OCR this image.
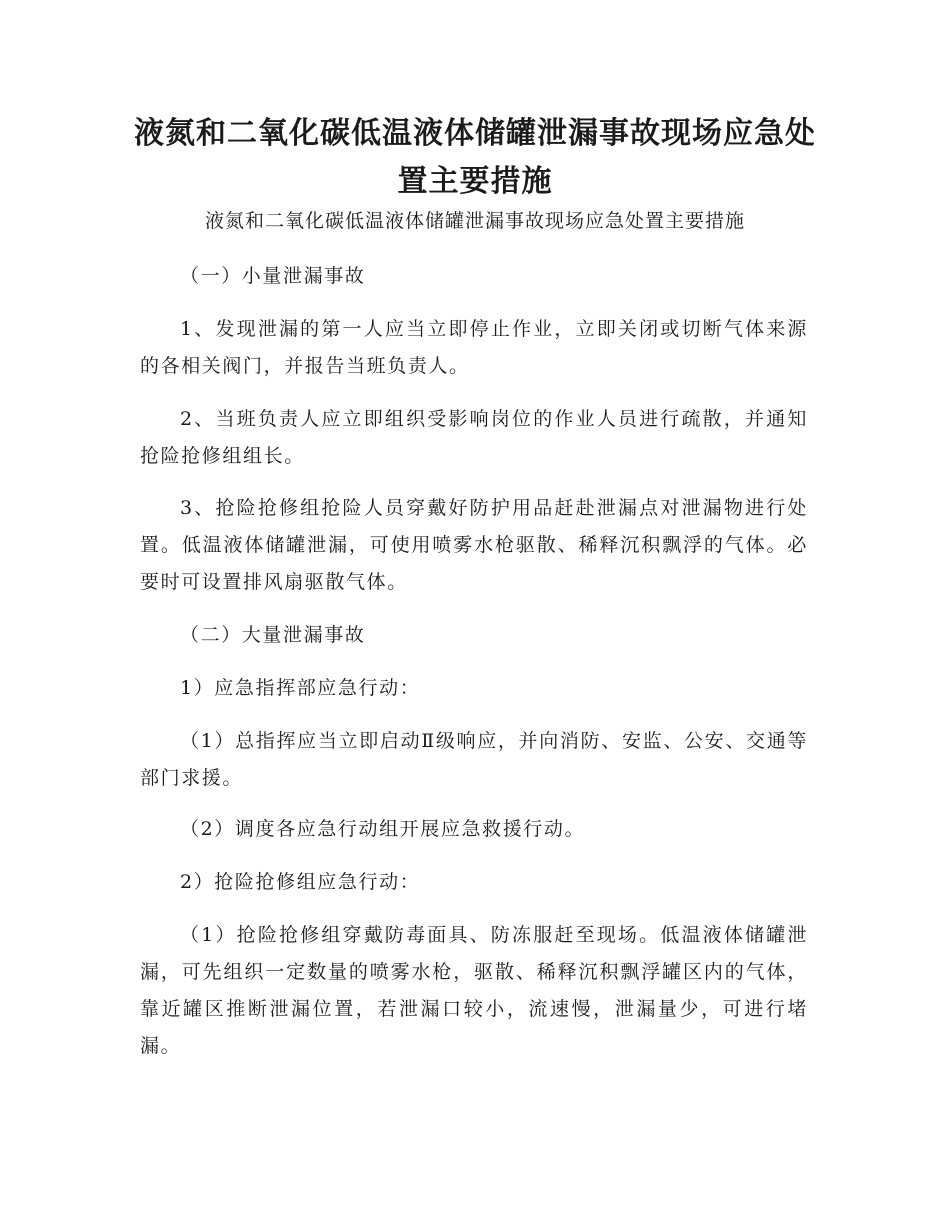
液氮和二氧化碳低温液体储罐泄漏事故现场应急处置主要措施

液氮和二氧化碳低温液体储罐泄漏事故现场应急处置主要措施

（一）小量泄漏事故

1、发现泄漏的第一人应当立即停止作业，立即关闭或切断气体来源的各相关阀门，并报告当班负责人。

2、当班负责人应立即组织受影响岗位的作业人员进行疏散，并通知抢险抢修组组长。

3、抢险抢修组抢险人员穿戴好防护用品赶赴泄漏点对泄漏物进行处置。低温液体储罐泄漏，可使用喷雾水枪驱散、稀释沉积飘浮的气体。必要时可设置排风扇驱散气体。

（二）大量泄漏事故

1）应急指挥部应急行动：

（1）总指挥应当立即启动Ⅱ级响应，并向消防、安监、公安、交通等部门求援。

（2）调度各应急行动组开展应急救援行动。

2）抢险抢修组应急行动：

（1）抢险抢修组穿戴防毒面具、防冻服赶至现场。低温液体储罐泄漏，可先组织一定数量的喷雾水枪，驱散、稀释沉积飘浮罐区内的气体，靠近罐区推断泄漏位置，若泄漏口较小，流速慢，泄漏量少，可进行堵漏。
